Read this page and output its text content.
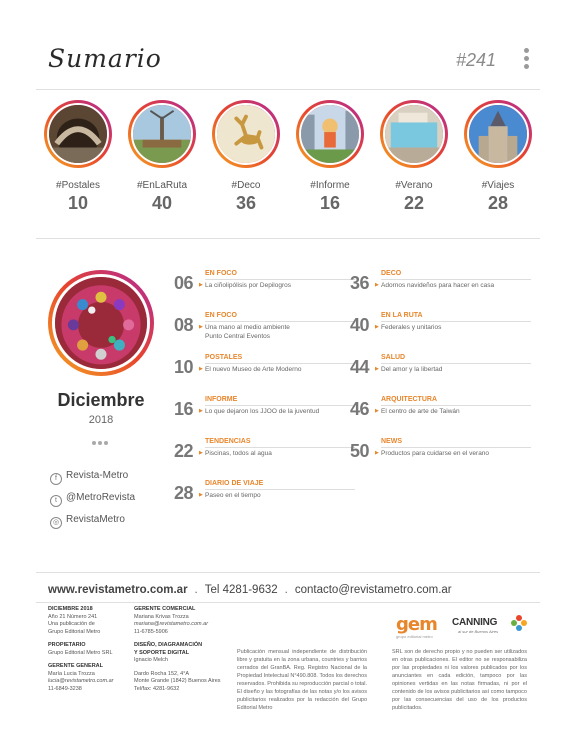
Sumario	#241
#Postales
10
#EnLaRuta
40
#Deco
36
#Informe
16
#Verano
22
#Viajes
28
Diciembre
2018
f Revista-Metro
t @MetroRevista
◎ RevistaMetro
06 EN FOCO
▶ La ciñolipólisis por Depilogros
08 EN FOCO
▶ Una mano al medio ambiente
Punto Central Eventos
10 POSTALES
▶ El nuevo Museo de Arte Moderno
16 INFORME
▶ Lo que dejaron los JJOO de la juventud
22 TENDENCIAS
▶ Piscinas, todos al agua
28 DIARIO DE VIAJE
▶ Paseo en el tiempo
36 DECO
▶ Adornos navideños para hacer en casa
40 EN LA RUTA
▶ Federales y unitarios
44 SALUD
▶ Del amor y la libertad
46 ARQUITECTURA
▶ El centro de arte de Taiwán
50 NEWS
▶ Productos para cuidarse en el verano
www.revistametro.com.ar . Tel 4281-9632 . contacto@revistametro.com.ar
DICIEMBRE 2018
Año 21 Número 241
Una publicación de
Grupo Editorial Metro
PROPIETARIO
Grupo Editorial Metro SRL
GERENTE GENERAL
María Lucia Trozza
lucia@revistametro.com.ar
11-6849-3238
GERENTE COMERCIAL
Mariana Krivas Trozza
mariana@revistametro.com.ar
11-6785-5906
DISEÑO, DIAGRAMACIÓN Y SOPORTE DIGITAL
Ignacio Melch
Dardo Rocha 152, 4°A
Monte Grande (1842) Buenos Aires
Tel/fax: 4281-9632
Publicación mensual independiente de distribución libre y gratuita en la zona urbana, countries y barrios cerrados del GranBA. Reg. Registro Nacional de la Propiedad Intelectual N°490.808. Todos los derechos reservados. Prohibida su reproducción parcial o total. El diseño y las fotografías de las notas y/o los avisos publicitarios realizados por la redacción del Grupo Editorial Metro
SRL son de derecho propio y no pueden ser utilizados en otras publicaciones. El editor no se responsabiliza por las propiedades ni los valores publicados por los anunciantes en cada edición, tampoco por las opiniones vertidas en las notas firmadas, ni por el contenido de los avisos publicitarios así como tampoco por las consecuencias del uso de los productos publicitados.
gem
grupo editorial metro
CANNING
al sur de Buenos Aires
